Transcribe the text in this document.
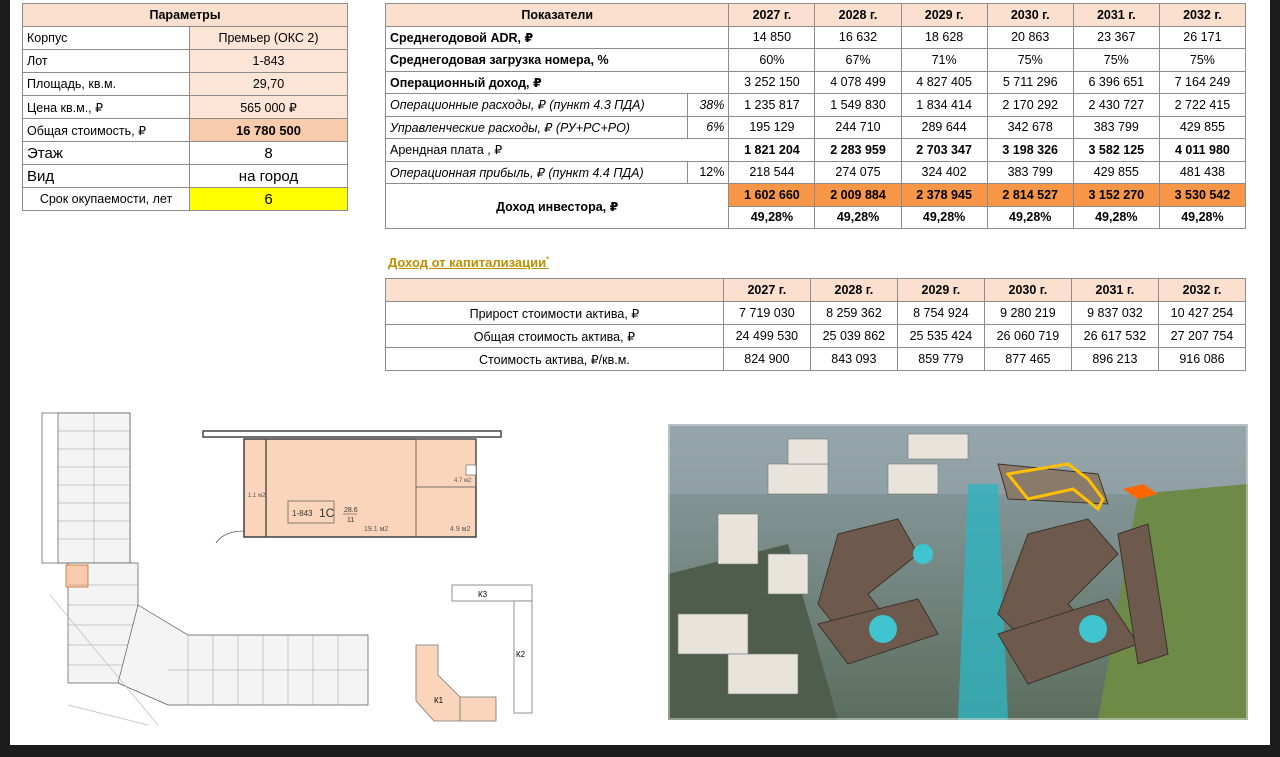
Параметры	
Корпус	Премьер (ОКС 2)
Лот	1-843
Площадь, кв.м.	29,70
Цена кв.м., ₽	565 000 ₽
Общая стоимость, ₽	16 780 500
Этаж	8
Вид	на город
Срок окупаемости, лет	6
Показатели		2027 г.	2028 г.	2029 г.	2030 г.	2031 г.	2032 г.
Среднегодовой ADR, ₽		14 850	16 632	18 628	20 863	23 367	26 171
Среднегодовая загрузка номера, %		60%	67%	71%	75%	75%	75%
Операционный доход, ₽		3 252 150	4 078 499	4 827 405	5 711 296	6 396 651	7 164 249
Операционные расходы, ₽ (пункт 4.3 ПДА)	38%	1 235 817	1 549 830	1 834 414	2 170 292	2 430 727	2 722 415
Управленческие расходы, ₽ (РУ+РС+РО)	6%	195 129	244 710	289 644	342 678	383 799	429 855
Арендная плата , ₽		1 821 204	2 283 959	2 703 347	3 198 326	3 582 125	4 011 980
Операционная прибыль, ₽ (пункт 4.4 ПДА)	12%	218 544	274 075	324 402	383 799	429 855	481 438
Доход инвестора, ₽		1 602 660	2 009 884	2 378 945	2 814 527	3 152 270	3 530 542
		49,28%	49,28%	49,28%	49,28%	49,28%	49,28%
Доход от капитализации*
	2027 г.	2028 г.	2029 г.	2030 г.	2031 г.	2032 г.
Прирост стоимости актива, ₽	7 719 030	8 259 362	8 754 924	9 280 219	9 837 032	10 427 254
Общая стоимость актива, ₽	24 499 530	25 039 862	25 535 424	26 060 719	26 617 532	27 207 754
Стоимость актива, ₽/кв.м.	824 900	843 093	859 779	877 465	896 213	916 086
1-843 1С 28.6
11
19.1 м2	4.9 м2
4.7 м2
1.1 м2
К3
К2
К1
